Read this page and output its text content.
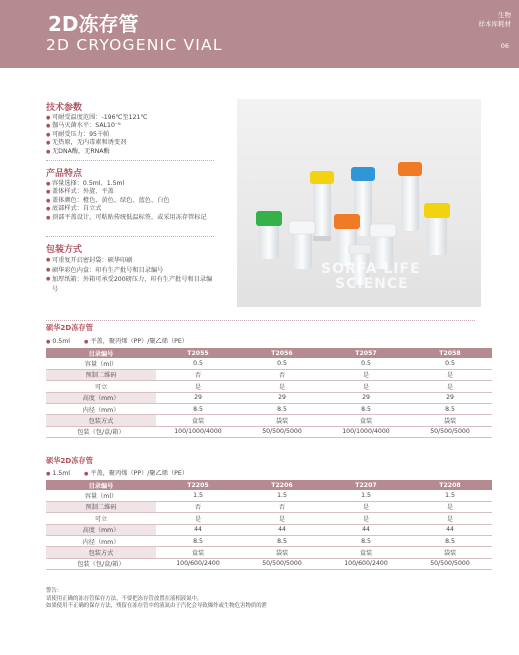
2D冻存管
2D CRYOGENIC VIAL
生物
样本库耗材
06
技术参数
● 可耐受温度范围：-196℃至121℃
● 伽马灭菌水平：SAL10⁻⁶
● 可耐受压力：95千帕
● 无热原，无内毒素和诱变剂
● 无DNA酶，无RNA酶
产品特点
● 容量选择：0.5ml、1.5ml
● 盖体样式：外旋、平盖
● 盖体颜色：橙色、黄色、绿色、蓝色、白色
● 底部样式：自立式
● 顶部平盖设计，可粘贴传统低温标签，或采用冻存管标记
包装方式
● 可重复开启密封袋：硕华印刷
● 硕华彩色内盒：印有生产批号和目录编号
● 加厚纸箱：外箱可承受200磅压力，印有生产批号和目录编号
SORFA LIFE
SCIENCE
硕华2D冻存管
● 0.5ml	● 平盖，聚丙烯（PP）/聚乙烯（PE）
目录编号	T2055	T2056	T2057	T2058
容量（ml）	0.5	0.5	0.5	0.5
预制二维码	否	否	是	是
可立	是	是	是	是
高度（mm）	29	29	29	29
内径（mm）	8.5	8.5	8.5	8.5
包装方式	盒装	袋装	盒装	袋装
包装（包/盒/箱）	100/1000/4000	50/500/5000	100/1000/4000	50/500/5000
硕华2D冻存管
● 1.5ml	● 平盖，聚丙烯（PP）/聚乙烯（PE）
目录编号	T2205	T2206	T2207	T2208
容量（ml）	1.5	1.5	1.5	1.5
预制二维码	否	否	是	是
可立	是	是	是	是
高度（mm）	44	44	44	44
内径（mm）	8.5	8.5	8.5	8.5
包装方式	盒装	袋装	盒装	袋装
包装（包/盒/箱）	100/600/2400	50/500/5000	100/600/2400	50/500/5000
警告：
请使用正确的冻存管保存方法，不要把冻存管放置在液相液氮中。
如果使用不正确的保存方法，残留在冻存管中的液氮由于汽化会导致爆炸或生物危害物质的泄
